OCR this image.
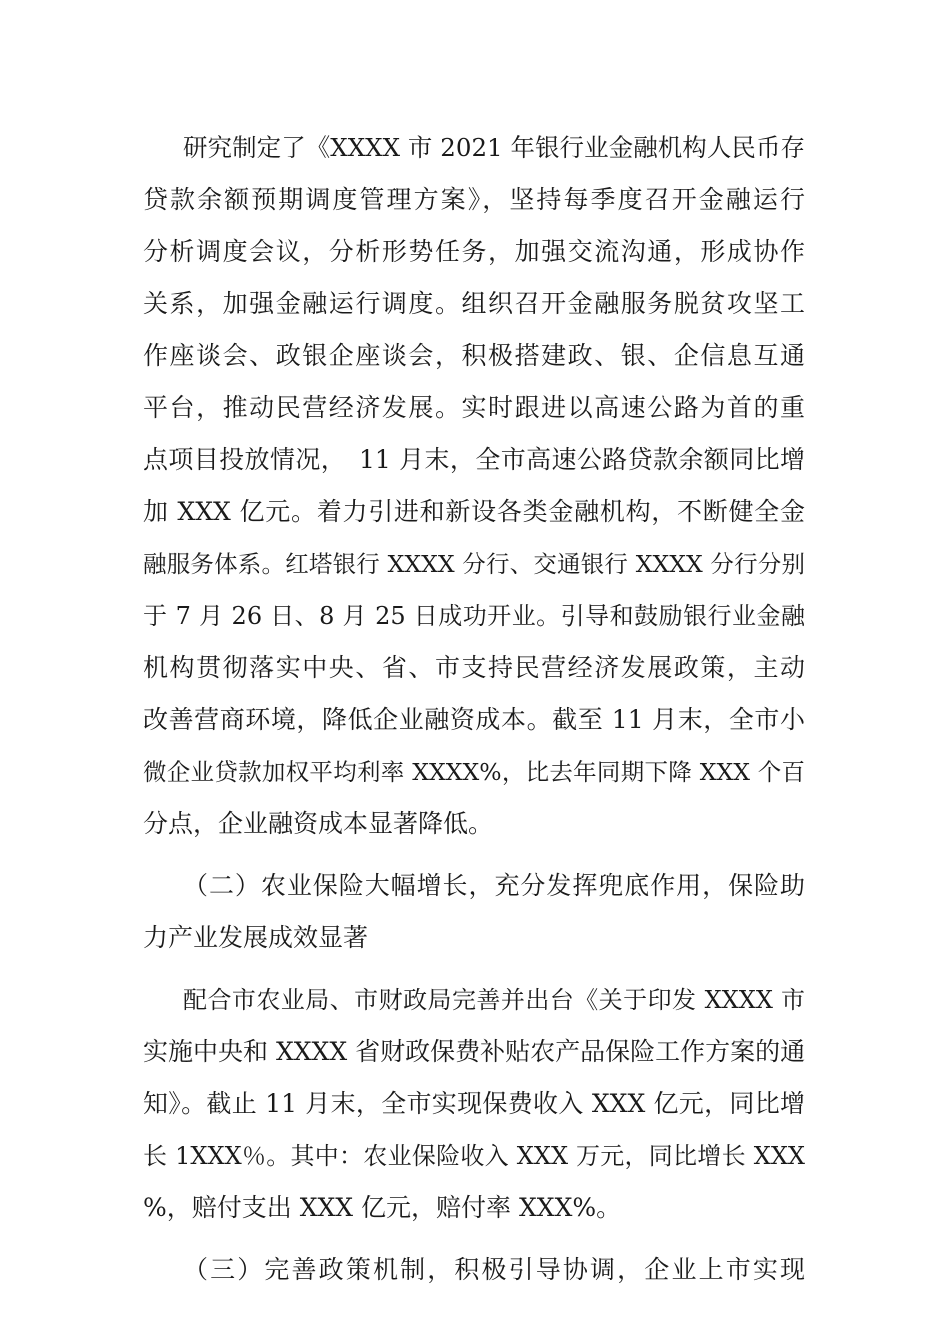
研究制定了《XXXX 市 2021 年银行业金融机构人民币存
贷款余额预期调度管理方案》，坚持每季度召开金融运行
分析调度会议，分析形势任务，加强交流沟通，形成协作
关系，加强金融运行调度。组织召开金融服务脱贫攻坚工
作座谈会、政银企座谈会，积极搭建政、银、企信息互通
平台，推动民营经济发展。实时跟进以高速公路为首的重
点项目投放情况，　11 月末，全市高速公路贷款余额同比增
加 XXX 亿元。着力引进和新设各类金融机构，不断健全金
融服务体系。红塔银行 XXXX 分行、交通银行 XXXX 分行分别
于 7 月 26 日、8 月 25 日成功开业。引导和鼓励银行业金融
机构贯彻落实中央、省、市支持民营经济发展政策，主动
改善营商环境，降低企业融资成本。截至 11 月末，全市小
微企业贷款加权平均利率 XXXX%，比去年同期下降 XXX 个百
分点，企业融资成本显著降低。
（二）农业保险大幅增长，充分发挥兜底作用，保险助
力产业发展成效显著
配合市农业局、市财政局完善并出台《关于印发 XXXX 市
实施中央和 XXXX 省财政保费补贴农产品保险工作方案的通
知》。截止 11 月末，全市实现保费收入 XXX 亿元，同比增
长 1XXX％。其中：农业保险收入 XXX 万元，同比增长 XXX
%，赔付支出 XXX 亿元，赔付率 XXX%。
（三）完善政策机制，积极引导协调，企业上市实现
